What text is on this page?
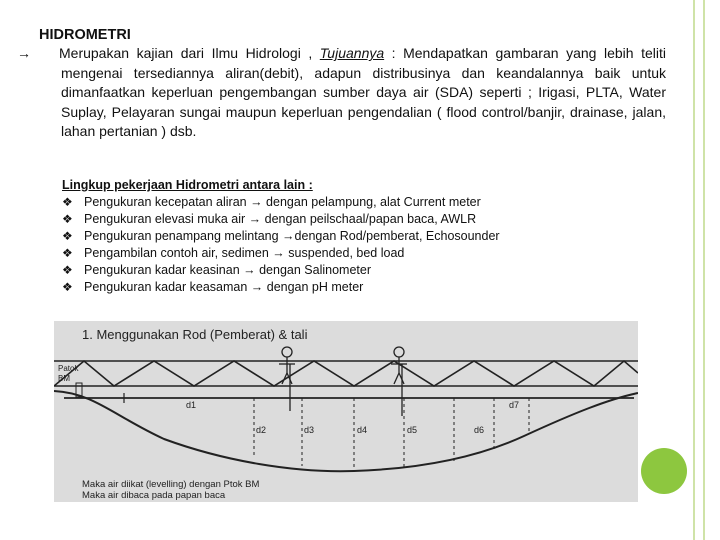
HIDROMETRI
→ Merupakan kajian dari Ilmu Hidrologi , Tujuannya : Mendapatkan gambaran yang lebih teliti mengenai tersediannya aliran(debit), adapun distribusinya dan keandalannya baik untuk dimanfaatkan keperluan pengembangan sumber daya air (SDA) seperti ; Irigasi, PLTA, Water Suplay, Pelayaran sungai maupun keperluan pengendalian ( flood control/banjir, drainase, jalan, lahan pertanian ) dsb.
Lingkup pekerjaan Hidrometri antara lain :
❖ Pengukuran kecepatan aliran → dengan pelampung, alat Current meter
❖ Pengukuran elevasi muka air → dengan peilschaal/papan baca, AWLR
❖ Pengukuran penampang melintang →dengan Rod/pemberat, Echosounder
❖ Pengambilan contoh air, sedimen → suspended, bed load
❖ Pengukuran kadar keasinan → dengan Salinometer
❖ Pengukuran kadar keasaman → dengan pH meter
1. Menggunakan Rod (Pemberat) & tali
Patok BM
d1
d2	d3	d4	d5	d6
d7
Maka air diikat (levelling) dengan Ptok BM
Maka air dibaca pada papan baca
